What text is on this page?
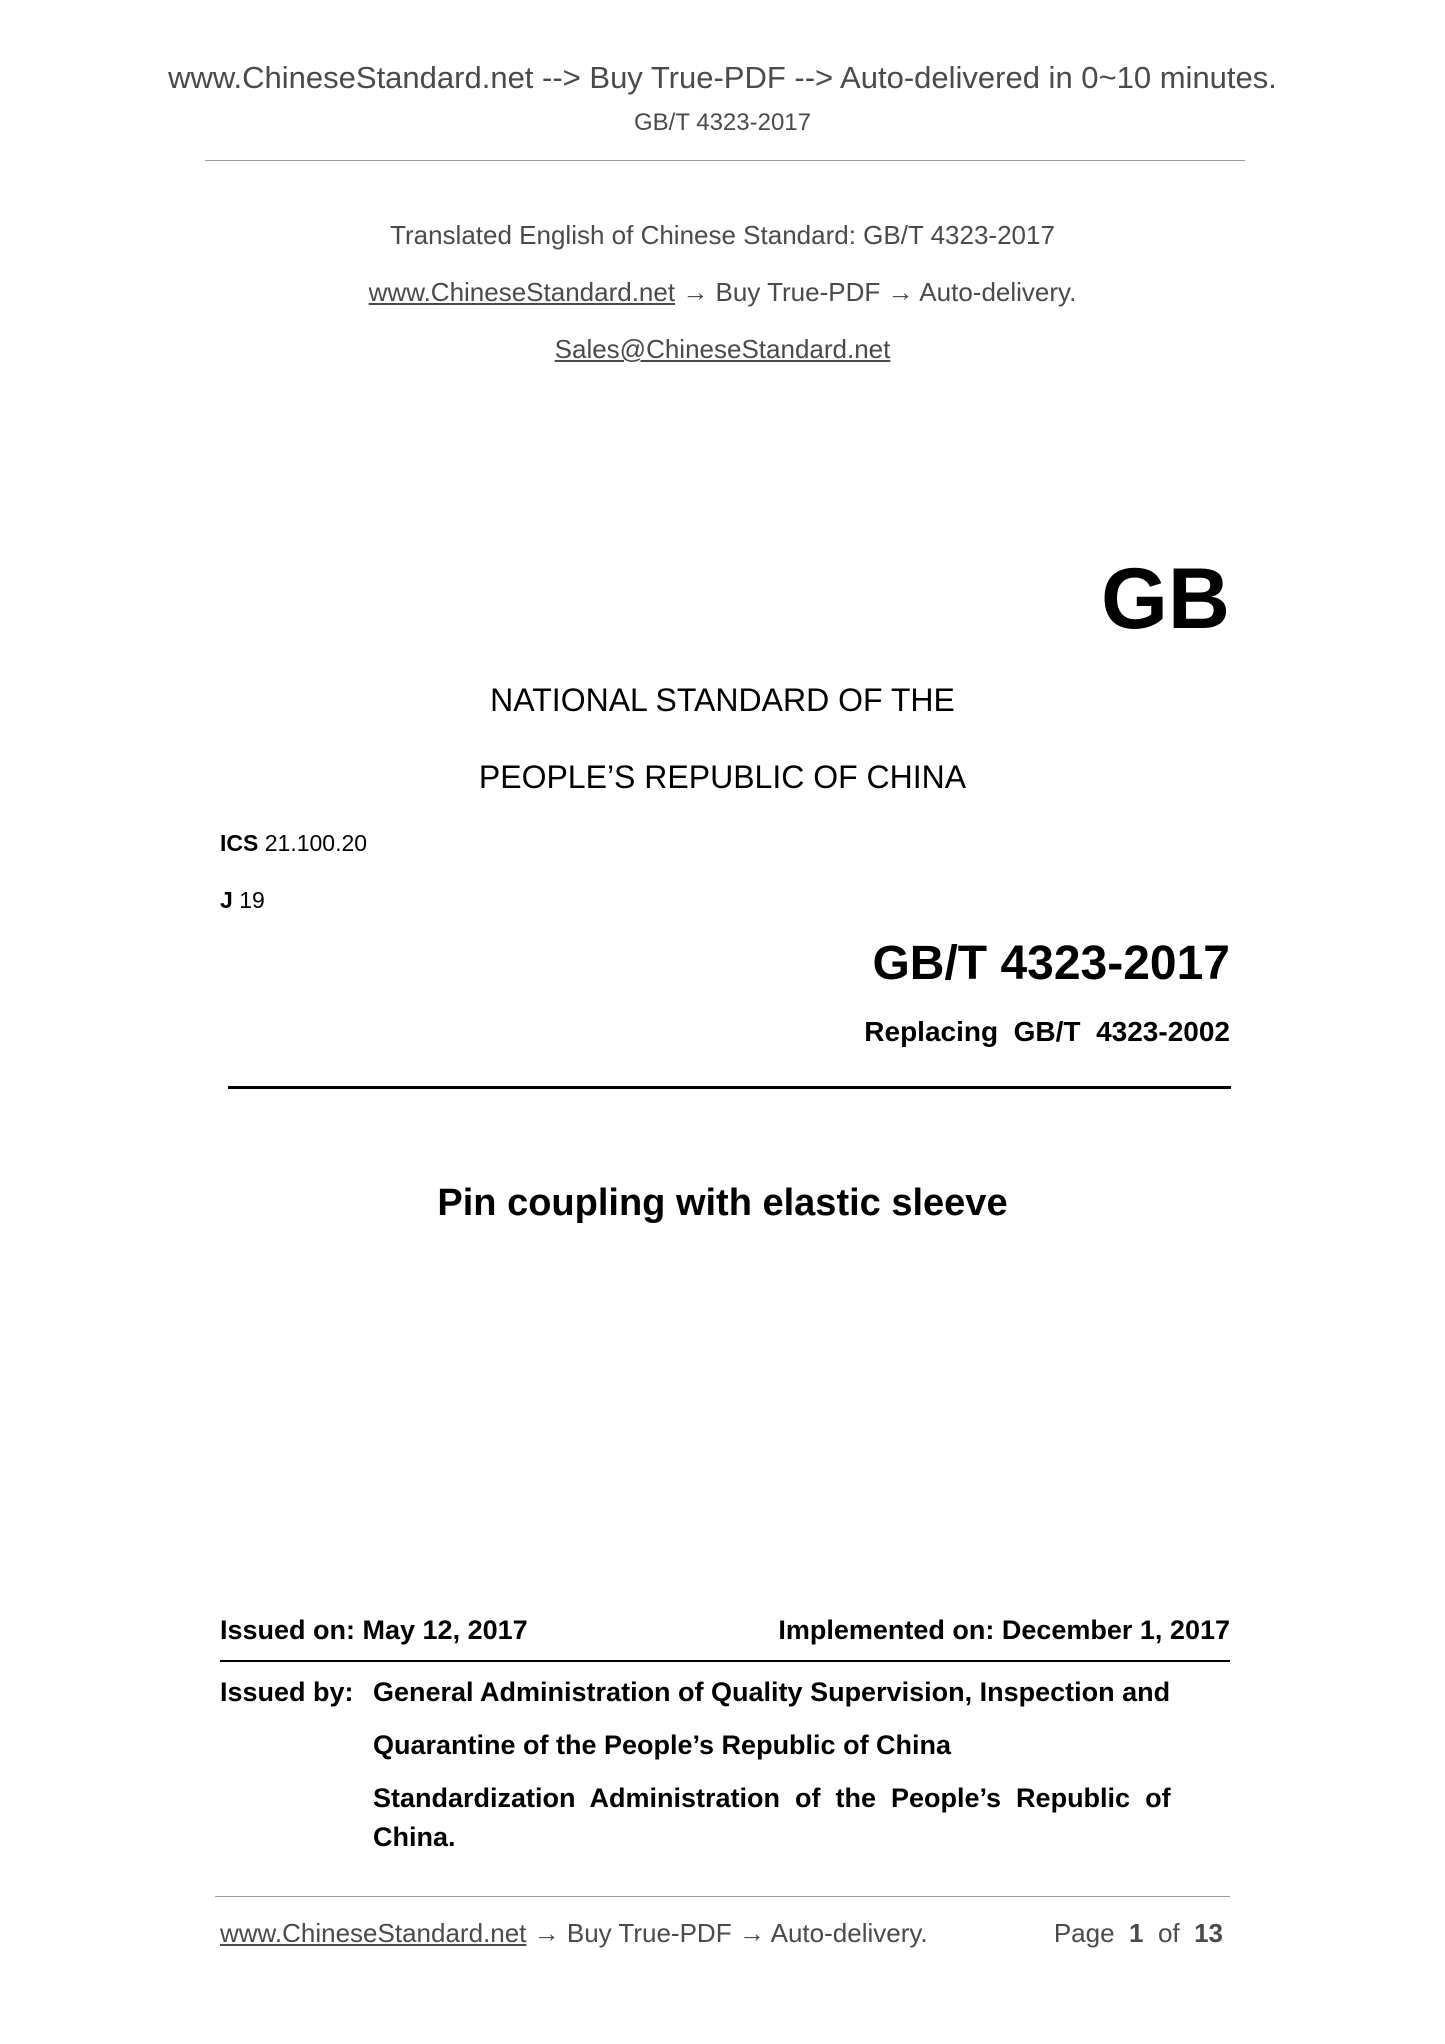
www.ChineseStandard.net --> Buy True-PDF --> Auto-delivered in 0~10 minutes.
GB/T 4323-2017
Translated English of Chinese Standard: GB/T 4323-2017
www.ChineseStandard.net → Buy True-PDF → Auto-delivery.
Sales@ChineseStandard.net
GB
NATIONAL STANDARD OF THE
PEOPLE’S REPUBLIC OF CHINA
ICS 21.100.20
J 19
GB/T 4323-2017
Replacing  GB/T  4323-2002
Pin coupling with elastic sleeve
Issued on: May 12, 2017	Implemented on: December 1, 2017
Issued by: General Administration of Quality Supervision, Inspection and
Quarantine of the People’s Republic of China
Standardization  Administration  of  the  People’s  Republic  of
China.
www.ChineseStandard.net → Buy True-PDF → Auto-delivery.	Page 1 of 13
